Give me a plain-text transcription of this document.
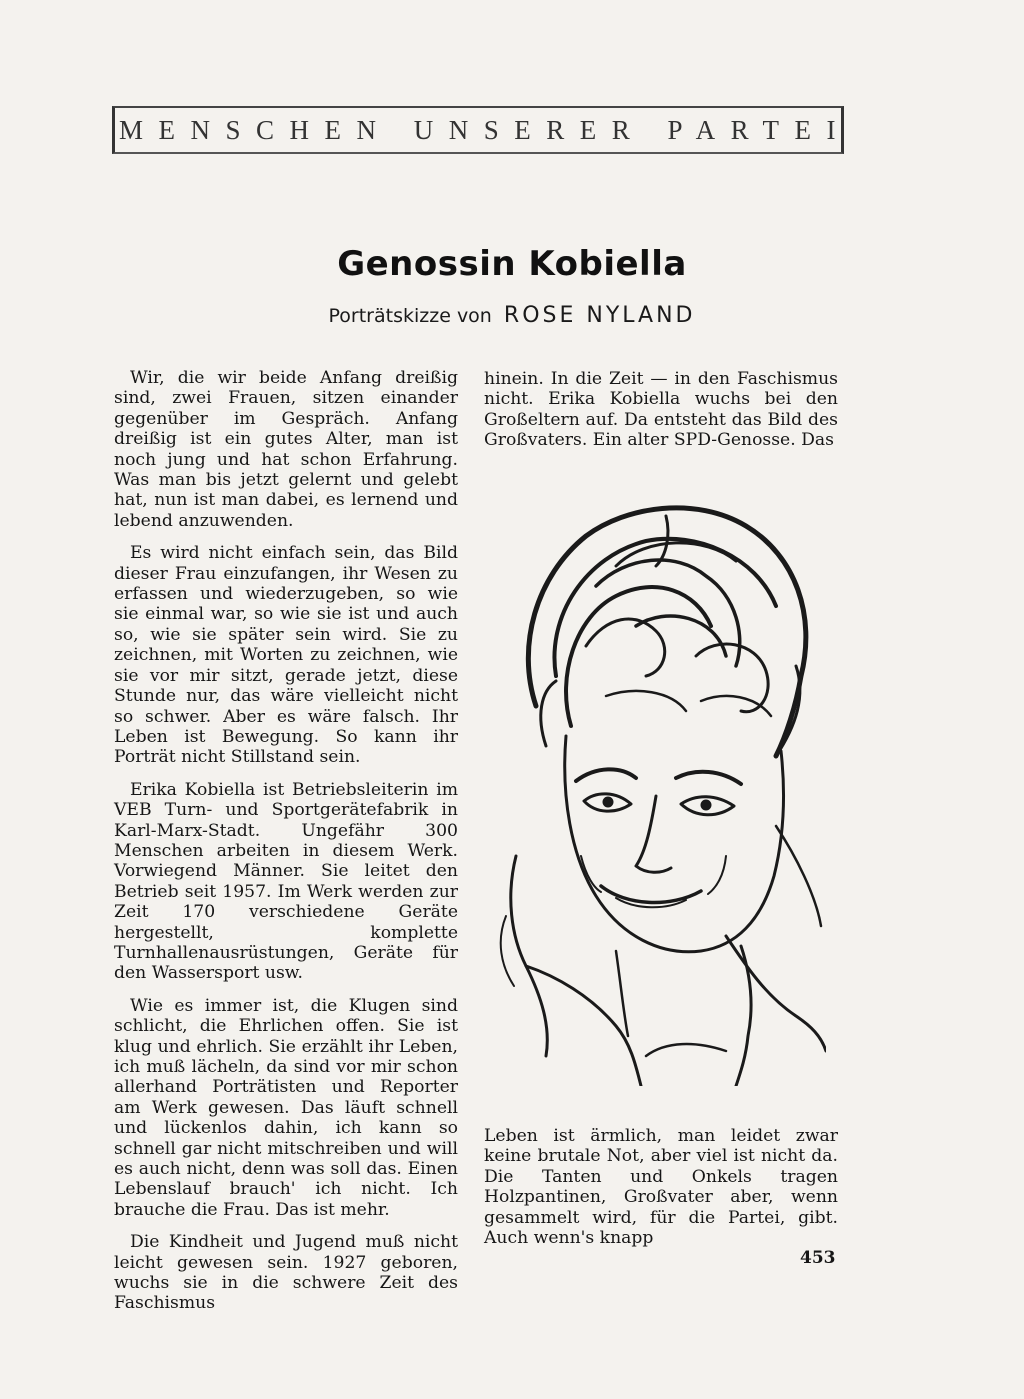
MENSCHEN UNSERER PARTEI
Genossin Kobiella
Porträtskizze von ROSE NYLAND

Wir, die wir beide Anfang dreißig sind, zwei Frauen, sitzen einander gegenüber im Gespräch. Anfang dreißig ist ein gutes Alter, man ist noch jung und hat schon Erfahrung. Was man bis jetzt gelernt und gelebt hat, nun ist man dabei, es lernend und lebend anzuwenden.

Es wird nicht einfach sein, das Bild dieser Frau einzufangen, ihr Wesen zu erfassen und wiederzugeben, so wie sie einmal war, so wie sie ist und auch so, wie sie später sein wird. Sie zu zeichnen, mit Worten zu zeichnen, wie sie vor mir sitzt, gerade jetzt, diese Stunde nur, das wäre vielleicht nicht so schwer. Aber es wäre falsch. Ihr Leben ist Bewegung. So kann ihr Porträt nicht Stillstand sein.

Erika Kobiella ist Betriebsleiterin im VEB Turn- und Sportgerätefabrik in Karl-Marx-Stadt. Ungefähr 300 Menschen arbeiten in diesem Werk. Vorwiegend Männer. Sie leitet den Betrieb seit 1957. Im Werk werden zur Zeit 170 verschiedene Geräte hergestellt, komplette Turnhallenausrüstungen, Geräte für den Wassersport usw.

Wie es immer ist, die Klugen sind schlicht, die Ehrlichen offen. Sie ist klug und ehrlich. Sie erzählt ihr Leben, ich muß lächeln, da sind vor mir schon allerhand Porträtisten und Reporter am Werk gewesen. Das läuft schnell und lückenlos dahin, ich kann so schnell gar nicht mitschreiben und will es auch nicht, denn was soll das. Einen Lebenslauf brauch' ich nicht. Ich brauche die Frau. Das ist mehr.

Die Kindheit und Jugend muß nicht leicht gewesen sein. 1927 geboren, wuchs sie in die schwere Zeit des Faschismus

hinein. In die Zeit — in den Faschismus nicht. Erika Kobiella wuchs bei den Großeltern auf. Da entsteht das Bild des Großvaters. Ein alter SPD-Genosse. Das

Leben ist ärmlich, man leidet zwar keine brutale Not, aber viel ist nicht da. Die Tanten und Onkels tragen Holzpantinen, Großvater aber, wenn gesammelt wird, für die Partei, gibt. Auch wenn's knapp

453
